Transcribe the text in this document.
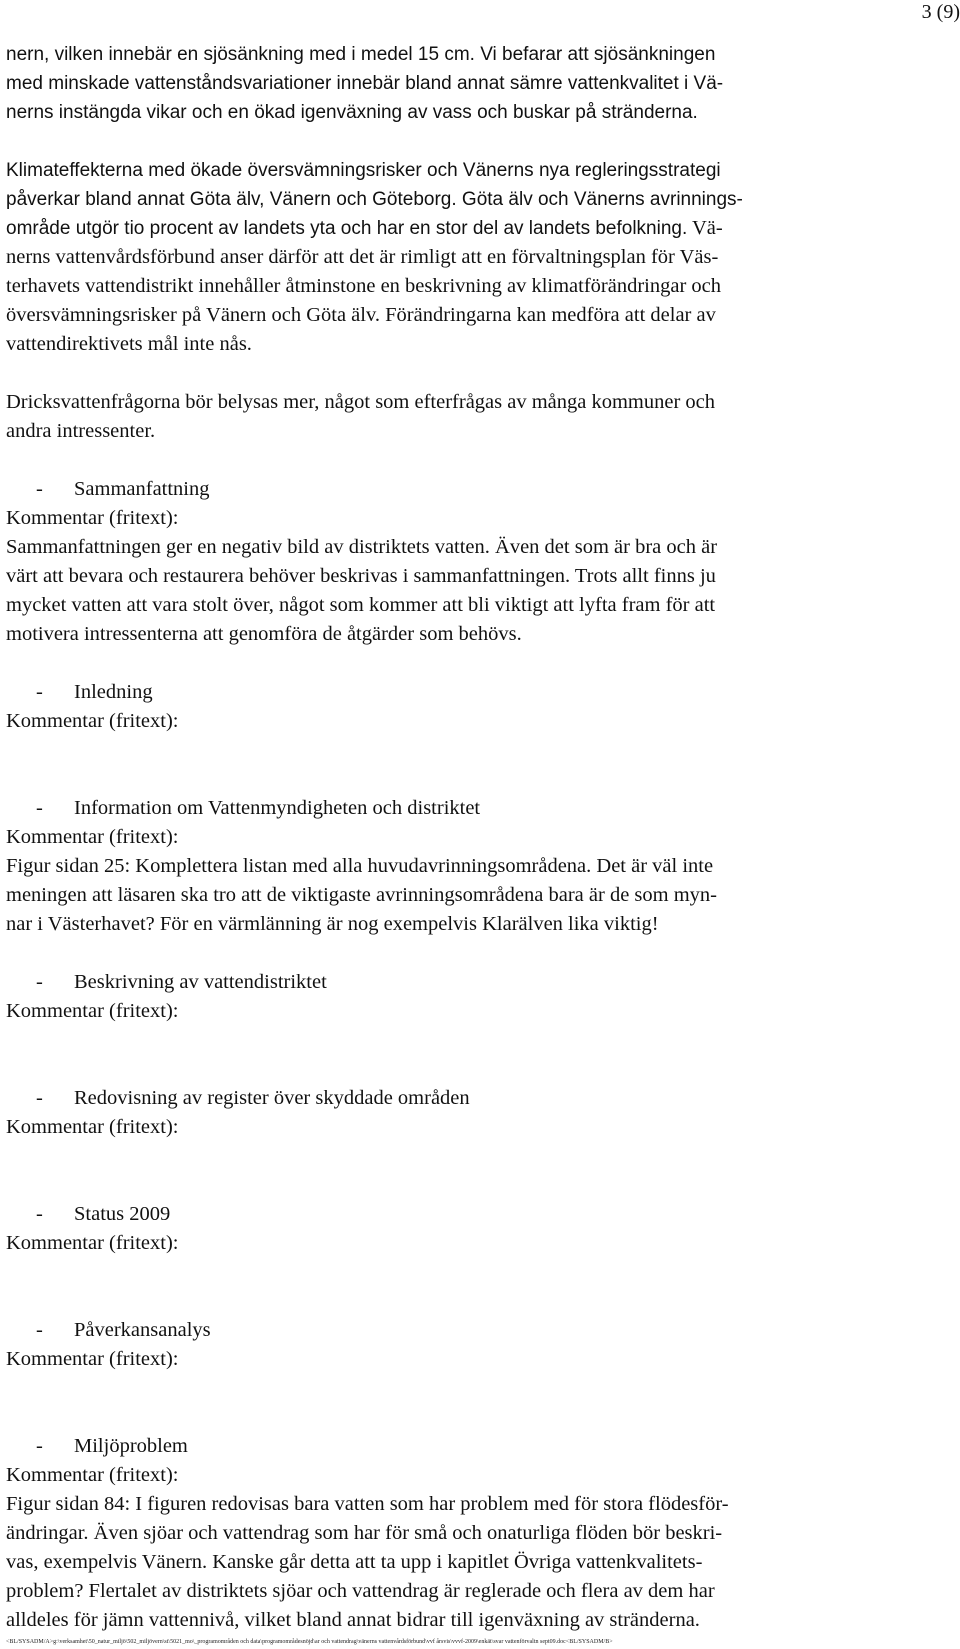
3 (9)

nern, vilken innebär en sjösänkning med i medel 15 cm. Vi befarar att sjösänkningen
med minskade vattenståndsvariationer innebär bland annat sämre vattenkvalitet i Vä-
nerns instängda vikar och en ökad igenväxning av vass och buskar på stränderna.

Klimateffekterna med ökade översvämningsrisker och Vänerns nya regleringsstrategi
påverkar bland annat Göta älv, Vänern och Göteborg. Göta älv och Vänerns avrinnings-
område utgör tio procent av landets yta och har en stor del av landets befolkning. Vä-
nerns vattenvårdsförbund anser därför att det är rimligt att en förvaltningsplan för Väs-
terhavets vattendistrikt innehåller åtminstone en beskrivning av klimatförändringar och
översvämningsrisker på Vänern och Göta älv. Förändringarna kan medföra att delar av
vattendirektivets mål inte nås.

Dricksvattenfrågorna bör belysas mer, något som efterfrågas av många kommuner och
andra intressenter.

- Sammanfattning
Kommentar (fritext):

Sammanfattningen ger en negativ bild av distriktets vatten. Även det som är bra och är
värt att bevara och restaurera behöver beskrivas i sammanfattningen. Trots allt finns ju
mycket vatten att vara stolt över, något som kommer att bli viktigt att lyfta fram för att
motivera intressenterna att genomföra de åtgärder som behövs.

- Inledning
Kommentar (fritext):
- Information om Vattenmyndigheten och distriktet
Kommentar (fritext):

Figur sidan 25: Komplettera listan med alla huvudavrinningsområdena. Det är väl inte
meningen att läsaren ska tro att de viktigaste avrinningsområdena bara är de som myn-
nar i Västerhavet? För en värmlänning är nog exempelvis Klarälven lika viktig!

- Beskrivning av vattendistriktet
Kommentar (fritext):
- Redovisning av register över skyddade områden
Kommentar (fritext):
- Status 2009
Kommentar (fritext):
- Påverkansanalys
Kommentar (fritext):
- Miljöproblem
Kommentar (fritext):

Figur sidan 84: I figuren redovisas bara vatten som har problem med för stora flödesför-
ändringar. Även sjöar och vattendrag som har för små och onaturliga flöden bör beskri-
vas, exempelvis Vänern. Kanske går detta att ta upp i kapitlet Övriga vattenkvalitets-
problem? Flertalet av distriktets sjöar och vattendrag är reglerade och flera av dem har
alldeles för jämn vattennivå, vilket bland annat bidrar till igenväxning av stränderna.

<BL/SYSADM/A>g:\verksamhet\50_natur_miljö\502_miljövern\st\5021_mo\_programområden och data\programområdesnöjd\ar och vattendrag\vänerns vattenvårdsförbund\vvf årsvis\vvvf-2009\enkät\svar vattenförvaltn sept09.doc<BL/SYSADM/B>
